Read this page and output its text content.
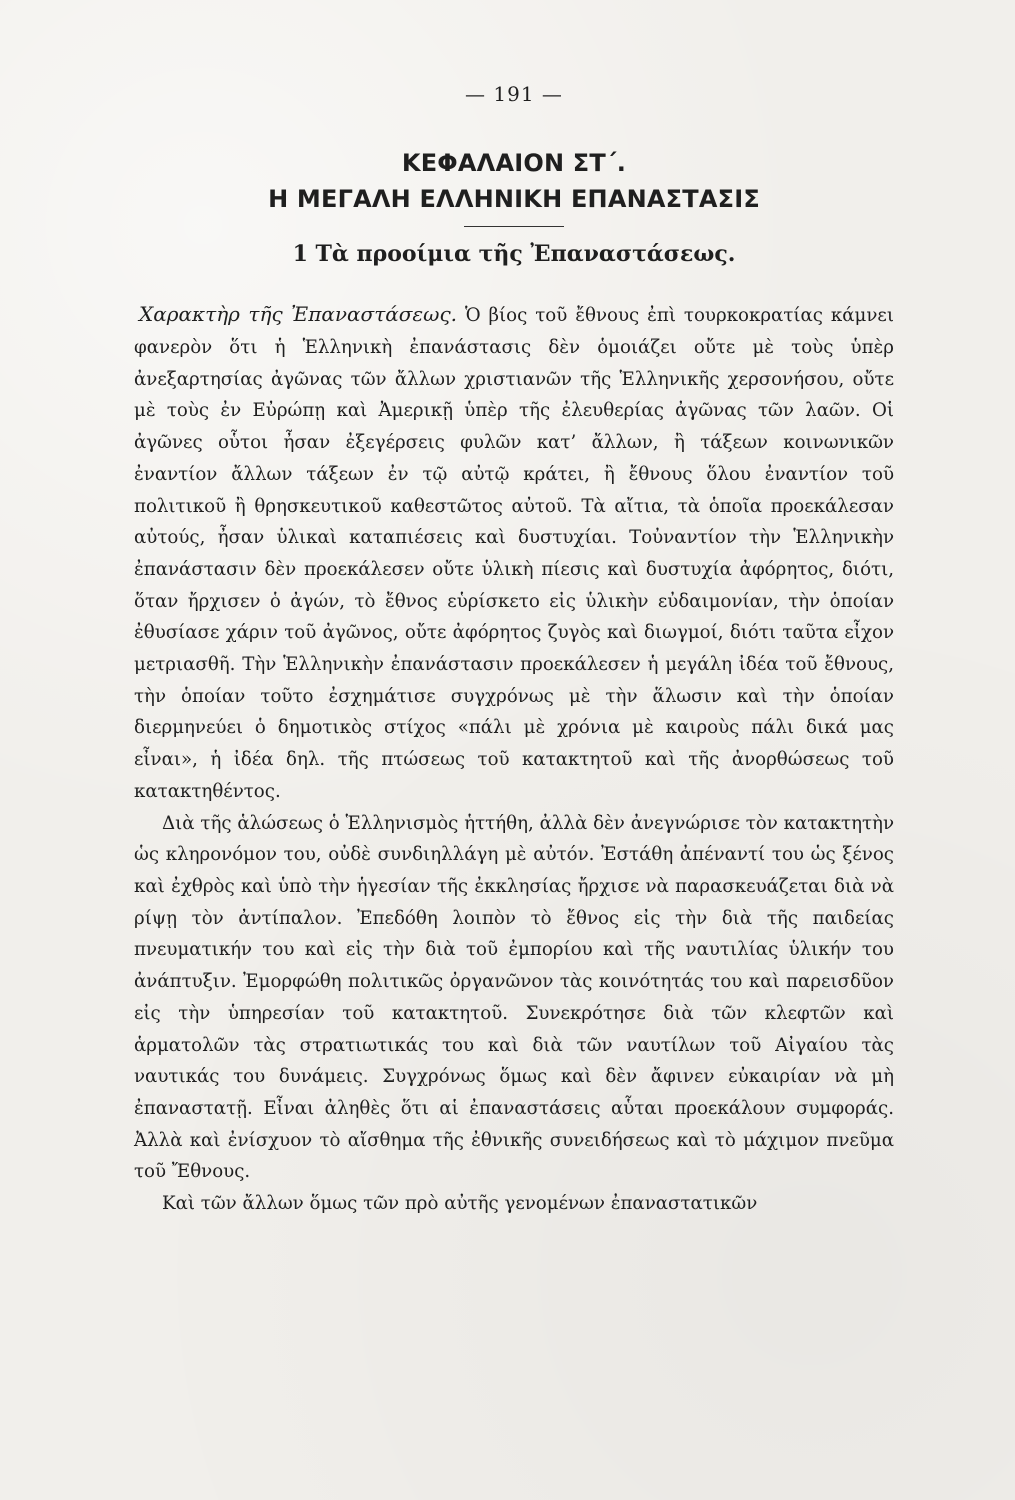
— 191 —
ΚΕΦΑΛΑΙΟΝ ΣΤ΄.
Η ΜΕΓΑΛΗ ΕΛΛΗΝΙΚΗ ΕΠΑΝΑΣΤΑΣΙΣ
1 Τὰ προοίμια τῆς Ἐπαναστάσεως.

Χαρακτὴρ τῆς Ἐπαναστάσεως. Ὁ βίος τοῦ ἔθνους ἐπὶ τουρκοκρατίας κάμνει φανερὸν ὅτι ἡ Ἑλληνικὴ ἐπανάστασις δὲν ὁμοιάζει οὔτε μὲ τοὺς ὑπὲρ ἀνεξαρτησίας ἀγῶνας τῶν ἄλλων χριστιανῶν τῆς Ἑλληνικῆς χερσονήσου, οὔτε μὲ τοὺς ἐν Εὐρώπῃ καὶ Ἀμερικῇ ὑπὲρ τῆς ἐλευθερίας ἀγῶνας τῶν λαῶν. Οἱ ἀγῶνες οὗτοι ἦσαν ἐξεγέρσεις φυλῶν κατ’ ἄλλων, ἢ τάξεων κοινωνικῶν ἐναντίον ἄλλων τάξεων ἐν τῷ αὐτῷ κράτει, ἢ ἔθνους ὅλου ἐναντίον τοῦ πολιτικοῦ ἢ θρησκευτικοῦ καθεστῶτος αὐτοῦ. Τὰ αἴτια, τὰ ὁποῖα προεκάλεσαν αὐτούς, ἦσαν ὑλικαὶ καταπιέσεις καὶ δυστυχίαι. Τοὐναντίον τὴν Ἑλληνικὴν ἐπανάστασιν δὲν προεκάλεσεν οὔτε ὑλικὴ πίεσις καὶ δυστυχία ἀφόρητος, διότι, ὅταν ἤρχισεν ὁ ἀγών, τὸ ἔθνος εὑρίσκετο εἰς ὑλικὴν εὐδαιμονίαν, τὴν ὁποίαν ἐθυσίασε χάριν τοῦ ἀγῶνος, οὔτε ἀφόρητος ζυγὸς καὶ διωγμοί, διότι ταῦτα εἶχον μετριασθῆ. Τὴν Ἑλληνικὴν ἐπανάστασιν προεκάλεσεν ἡ μεγάλη ἰδέα τοῦ ἔθνους, τὴν ὁποίαν τοῦτο ἐσχημάτισε συγχρόνως μὲ τὴν ἅλωσιν καὶ τὴν ὁποίαν διερμηνεύει ὁ δημοτικὸς στίχος «πάλι μὲ χρόνια μὲ καιροὺς πάλι δικά μας εἶναι», ἡ ἰδέα δηλ. τῆς πτώσεως τοῦ κατακτητοῦ καὶ τῆς ἀνορθώσεως τοῦ κατακτηθέντος.

Διὰ τῆς ἁλώσεως ὁ Ἑλληνισμὸς ἡττήθη, ἀλλὰ δὲν ἀνεγνώρισε τὸν κατακτητὴν ὡς κληρονόμον του, οὐδὲ συνδιηλλάγη μὲ αὐτόν. Ἐστάθη ἀπέναντί του ὡς ξένος καὶ ἐχθρὸς καὶ ὑπὸ τὴν ἡγεσίαν τῆς ἐκκλησίας ἤρχισε νὰ παρασκευάζεται διὰ νὰ ρίψῃ τὸν ἀντίπαλον. Ἐπεδόθη λοιπὸν τὸ ἔθνος εἰς τὴν διὰ τῆς παιδείας πνευματικήν του καὶ εἰς τὴν διὰ τοῦ ἐμπορίου καὶ τῆς ναυτιλίας ὑλικήν του ἀνάπτυξιν. Ἐμορφώθη πολιτικῶς ὀργανῶνον τὰς κοινότητάς του καὶ παρεισδῦον εἰς τὴν ὑπηρεσίαν τοῦ κατακτητοῦ. Συνεκρότησε διὰ τῶν κλεφτῶν καὶ ἁρματολῶν τὰς στρατιωτικάς του καὶ διὰ τῶν ναυτίλων τοῦ Αἰγαίου τὰς ναυτικάς του δυνάμεις. Συγχρόνως ὅμως καὶ δὲν ἄφινεν εὐκαιρίαν νὰ μὴ ἐπαναστατῇ. Εἶναι ἀληθὲς ὅτι αἱ ἐπαναστάσεις αὗται προεκάλουν συμφοράς. Ἀλλὰ καὶ ἐνίσχυον τὸ αἴσθημα τῆς ἐθνικῆς συνειδήσεως καὶ τὸ μάχιμον πνεῦμα τοῦ Ἔθνους.

Καὶ τῶν ἄλλων ὅμως τῶν πρὸ αὐτῆς γενομένων ἐπαναστατικῶν
